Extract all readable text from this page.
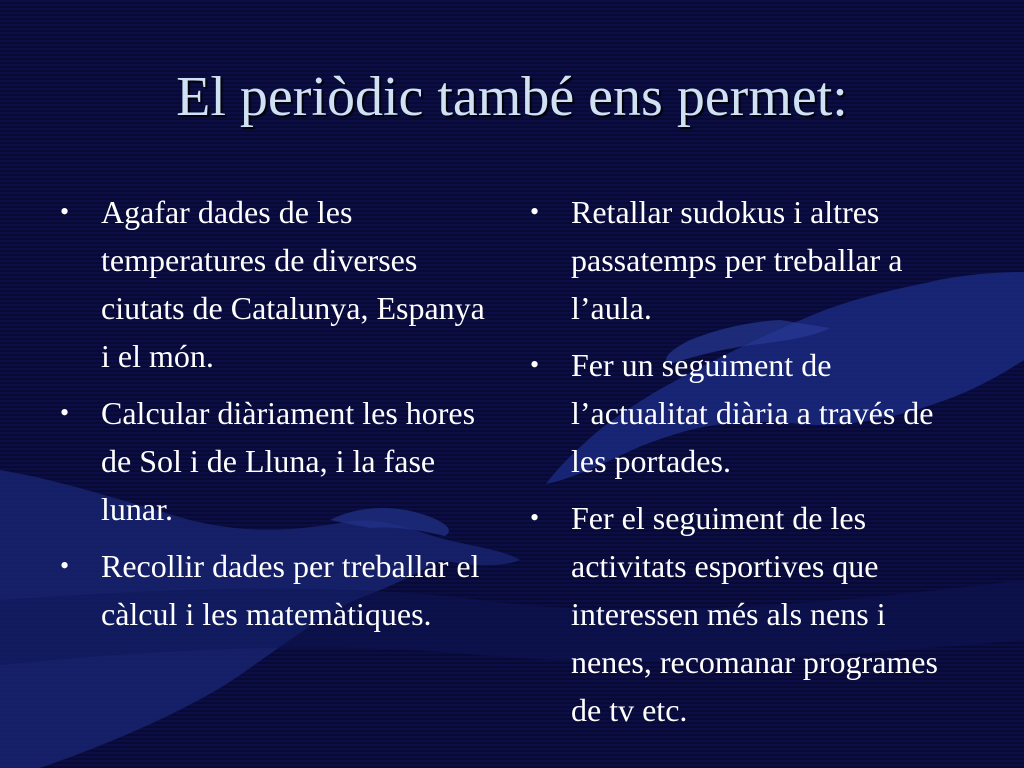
El periòdic també ens permet:
• Agafar dades de les temperatures de diverses ciutats de Catalunya, Espanya i el món.
• Calcular diàriament les hores de Sol i de Lluna, i la fase lunar.
• Recollir dades per treballar el càlcul i les matemàtiques.
• Retallar sudokus i altres passatemps per treballar a l’aula.
• Fer un seguiment de l’actualitat diària a través de les portades.
• Fer el seguiment de les activitats esportives que interessen més als nens i nenes, recomanar programes de tv etc.
